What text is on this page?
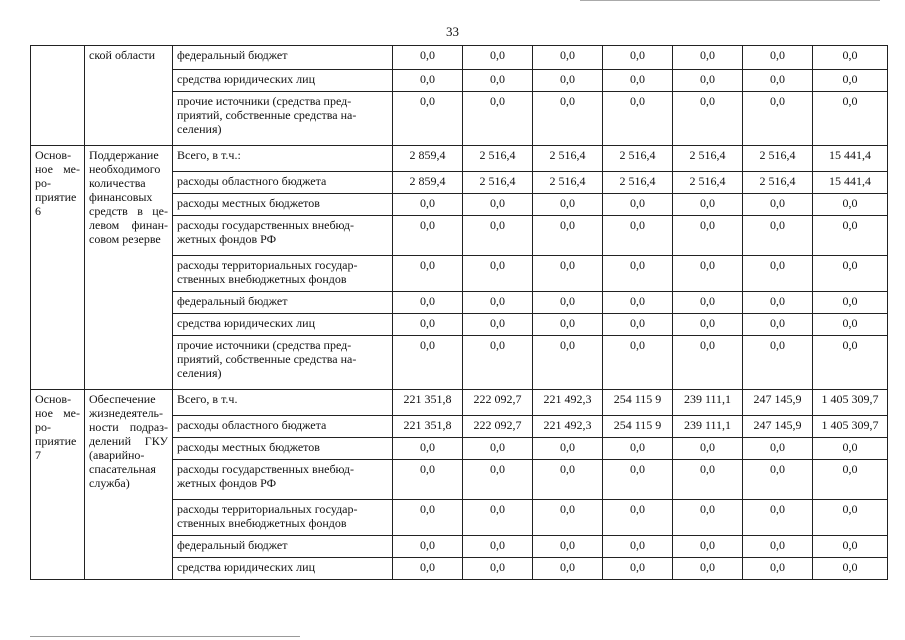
33
	ской области	федеральный бюджет	0,0	0,0	0,0	0,0	0,0	0,0	0,0
		средства юридических лиц	0,0	0,0	0,0	0,0	0,0	0,0	0,0
		прочие источники (средства пред-приятий, собственные средства на-селения)	0,0	0,0	0,0	0,0	0,0	0,0	0,0
Основ-ное ме-ро-приятие 6	Поддержание необходимого количества финансовых средств в це-левом финан-совом резерве	Всего, в т.ч.:	2 859,4	2 516,4	2 516,4	2 516,4	2 516,4	2 516,4	15 441,4
		расходы областного бюджета	2 859,4	2 516,4	2 516,4	2 516,4	2 516,4	2 516,4	15 441,4
		расходы местных бюджетов	0,0	0,0	0,0	0,0	0,0	0,0	0,0
		расходы государственных внебюд-жетных фондов РФ	0,0	0,0	0,0	0,0	0,0	0,0	0,0
		расходы территориальных государ-ственных внебюджетных фондов	0,0	0,0	0,0	0,0	0,0	0,0	0,0
		федеральный бюджет	0,0	0,0	0,0	0,0	0,0	0,0	0,0
		средства юридических лиц	0,0	0,0	0,0	0,0	0,0	0,0	0,0
		прочие источники (средства пред-приятий, собственные средства на-селения)	0,0	0,0	0,0	0,0	0,0	0,0	0,0
Основ-ное ме-ро-приятие 7	Обеспечение жизнедеятель-ности подраз-делений ГКУ (аварийно-спасательная служба)	Всего, в т.ч.	221 351,8	222 092,7	221 492,3	254 115 9	239 111,1	247 145,9	1 405 309,7
		расходы областного бюджета	221 351,8	222 092,7	221 492,3	254 115 9	239 111,1	247 145,9	1 405 309,7
		расходы местных бюджетов	0,0	0,0	0,0	0,0	0,0	0,0	0,0
		расходы государственных внебюд-жетных фондов РФ	0,0	0,0	0,0	0,0	0,0	0,0	0,0
		расходы территориальных государ-ственных внебюджетных фондов	0,0	0,0	0,0	0,0	0,0	0,0	0,0
		федеральный бюджет	0,0	0,0	0,0	0,0	0,0	0,0	0,0
		средства юридических лиц	0,0	0,0	0,0	0,0	0,0	0,0	0,0
